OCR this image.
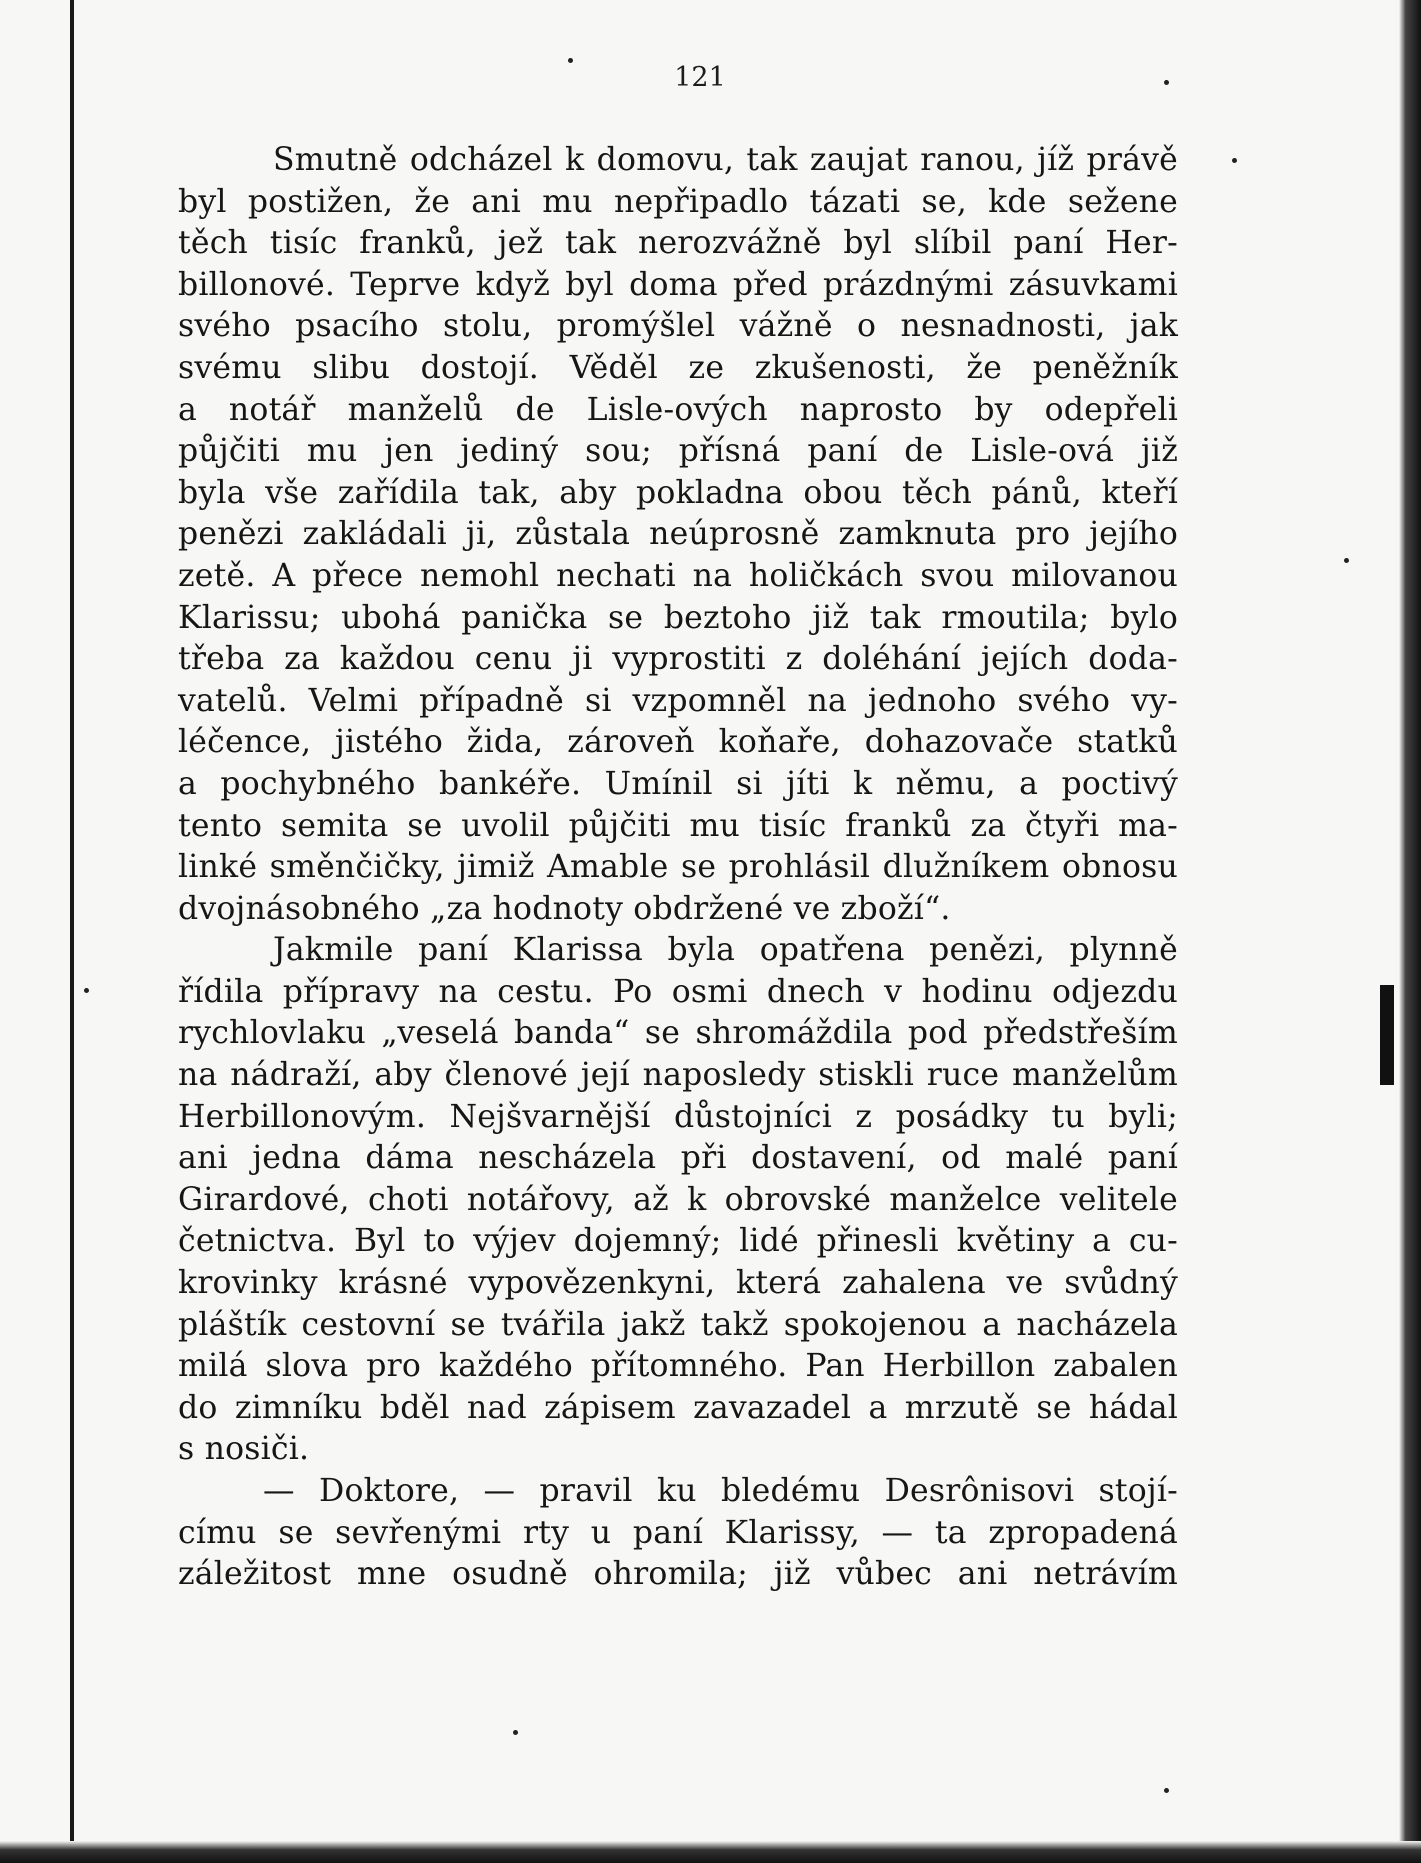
121
Smutně odcházel k domovu, tak zaujat ranou, jíž právě
byl postižen, že ani mu nepřipadlo tázati se, kde sežene
těch tisíc franků, jež tak nerozvážně byl slíbil paní Her-
billonové. Teprve když byl doma před prázdnými zásuvkami
svého psacího stolu, promýšlel vážně o nesnadnosti, jak
svému slibu dostojí. Věděl ze zkušenosti, že peněžník
a notář manželů de Lisle-ových naprosto by odepřeli
půjčiti mu jen jediný sou; přísná paní de Lisle-ová již
byla vše zařídila tak, aby pokladna obou těch pánů, kteří
penězi zakládali ji, zůstala neúprosně zamknuta pro jejího
zetě. A přece nemohl nechati na holičkách svou milovanou
Klarissu; ubohá panička se beztoho již tak rmoutila; bylo
třeba za každou cenu ji vyprostiti z doléhání jejích doda-
vatelů. Velmi případně si vzpomněl na jednoho svého vy-
léčence, jistého žida, zároveň koňaře, dohazovače statků
a pochybného bankéře. Umínil si jíti k němu, a poctivý
tento semita se uvolil půjčiti mu tisíc franků za čtyři ma-
linké směnčičky, jimiž Amable se prohlásil dlužníkem obnosu
dvojnásobného „za hodnoty obdržené ve zboží“.
Jakmile paní Klarissa byla opatřena penězi, plynně
řídila přípravy na cestu. Po osmi dnech v hodinu odjezdu
rychlovlaku „veselá banda“ se shromáždila pod předstřeším
na nádraží, aby členové její naposledy stiskli ruce manželům
Herbillonovým. Nejšvarnější důstojníci z posádky tu byli;
ani jedna dáma nescházela při dostavení, od malé paní
Girardové, choti notářovy, až k obrovské manželce velitele
četnictva. Byl to výjev dojemný; lidé přinesli květiny a cu-
krovinky krásné vypovězenkyni, která zahalena ve svůdný
pláštík cestovní se tvářila jakž takž spokojenou a nacházela
milá slova pro každého přítomného. Pan Herbillon zabalen
do zimníku bděl nad zápisem zavazadel a mrzutě se hádal
s nosiči.
— Doktore, — pravil ku bledému Desrônisovi stojí-
címu se sevřenými rty u paní Klarissy, — ta zpropadená
záležitost mne osudně ohromila; již vůbec ani netrávím
